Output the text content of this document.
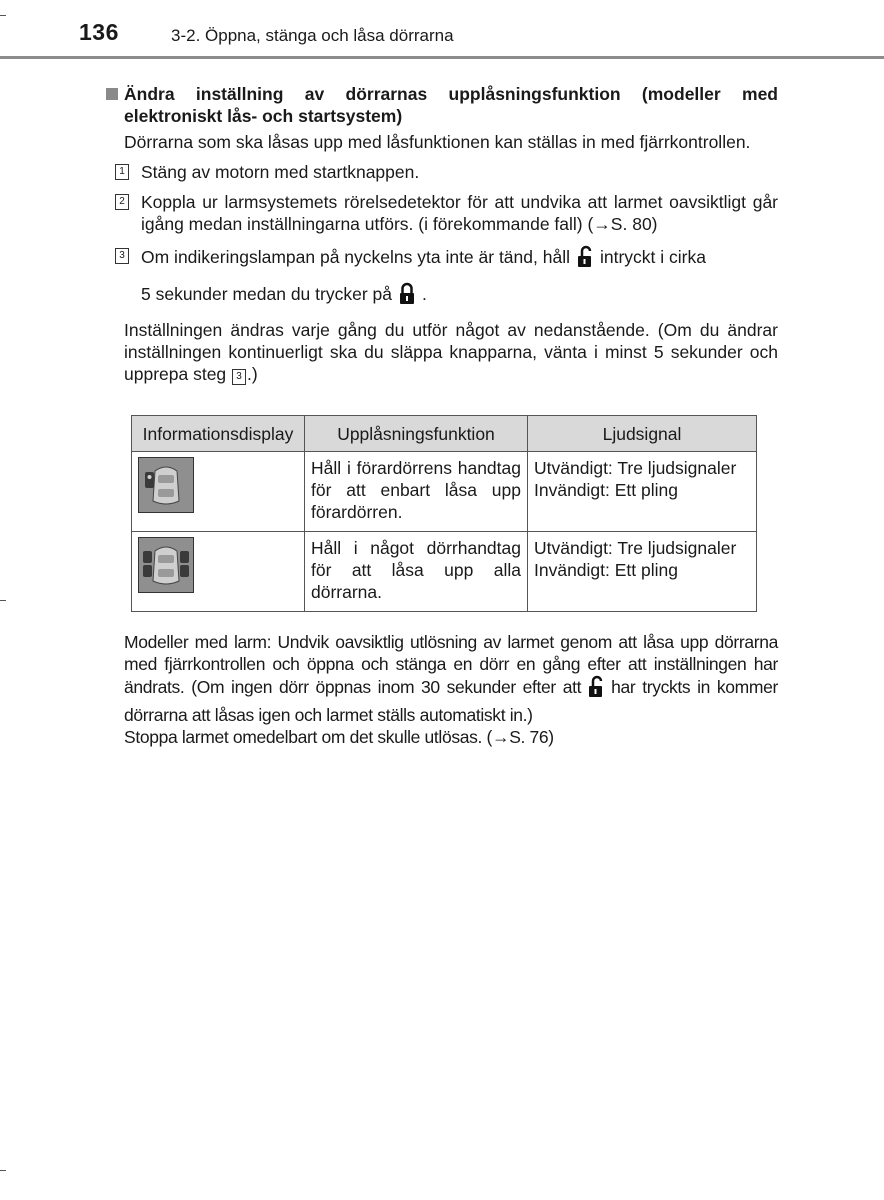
136	3-2. Öppna, stänga och låsa dörrarna
Ändra inställning av dörrarnas upplåsningsfunktion (modeller med elektroniskt lås- och startsystem)
Dörrarna som ska låsas upp med låsfunktionen kan ställas in med fjärrkontrollen.
1 Stäng av motorn med startknappen.
2 Koppla ur larmsystemets rörelsedetektor för att undvika att larmet oavsiktligt går igång medan inställningarna utförs. (i förekommande fall) (→S. 80)
3 Om indikeringslampan på nyckelns yta inte är tänd, håll intryckt i cirka
5 sekunder medan du trycker på .
Inställningen ändras varje gång du utför något av nedanstående. (Om du ändrar inställningen kontinuerligt ska du släppa knapparna, vänta i minst 5 sekunder och upprepa steg 3 .)
Informationsdisplay	Upplåsningsfunktion	Ljudsignal
	Håll i förardörrens handtag för att enbart låsa upp förardörren.	Utvändigt: Tre ljudsignaler
Invändigt: Ett pling

	Håll i något dörrhandtag för att låsa upp alla dörrarna.	Utvändigt: Tre ljudsignaler
Invändigt: Ett pling
Modeller med larm: Undvik oavsiktlig utlösning av larmet genom att låsa upp dörrarna med fjärrkontrollen och öppna och stänga en dörr en gång efter att inställningen har ändrats. (Om ingen dörr öppnas inom 30 sekunder efter att har tryckts in kommer dörrarna att låsas igen och larmet ställs automatiskt in.)
Stoppa larmet omedelbart om det skulle utlösas. (→S. 76)
